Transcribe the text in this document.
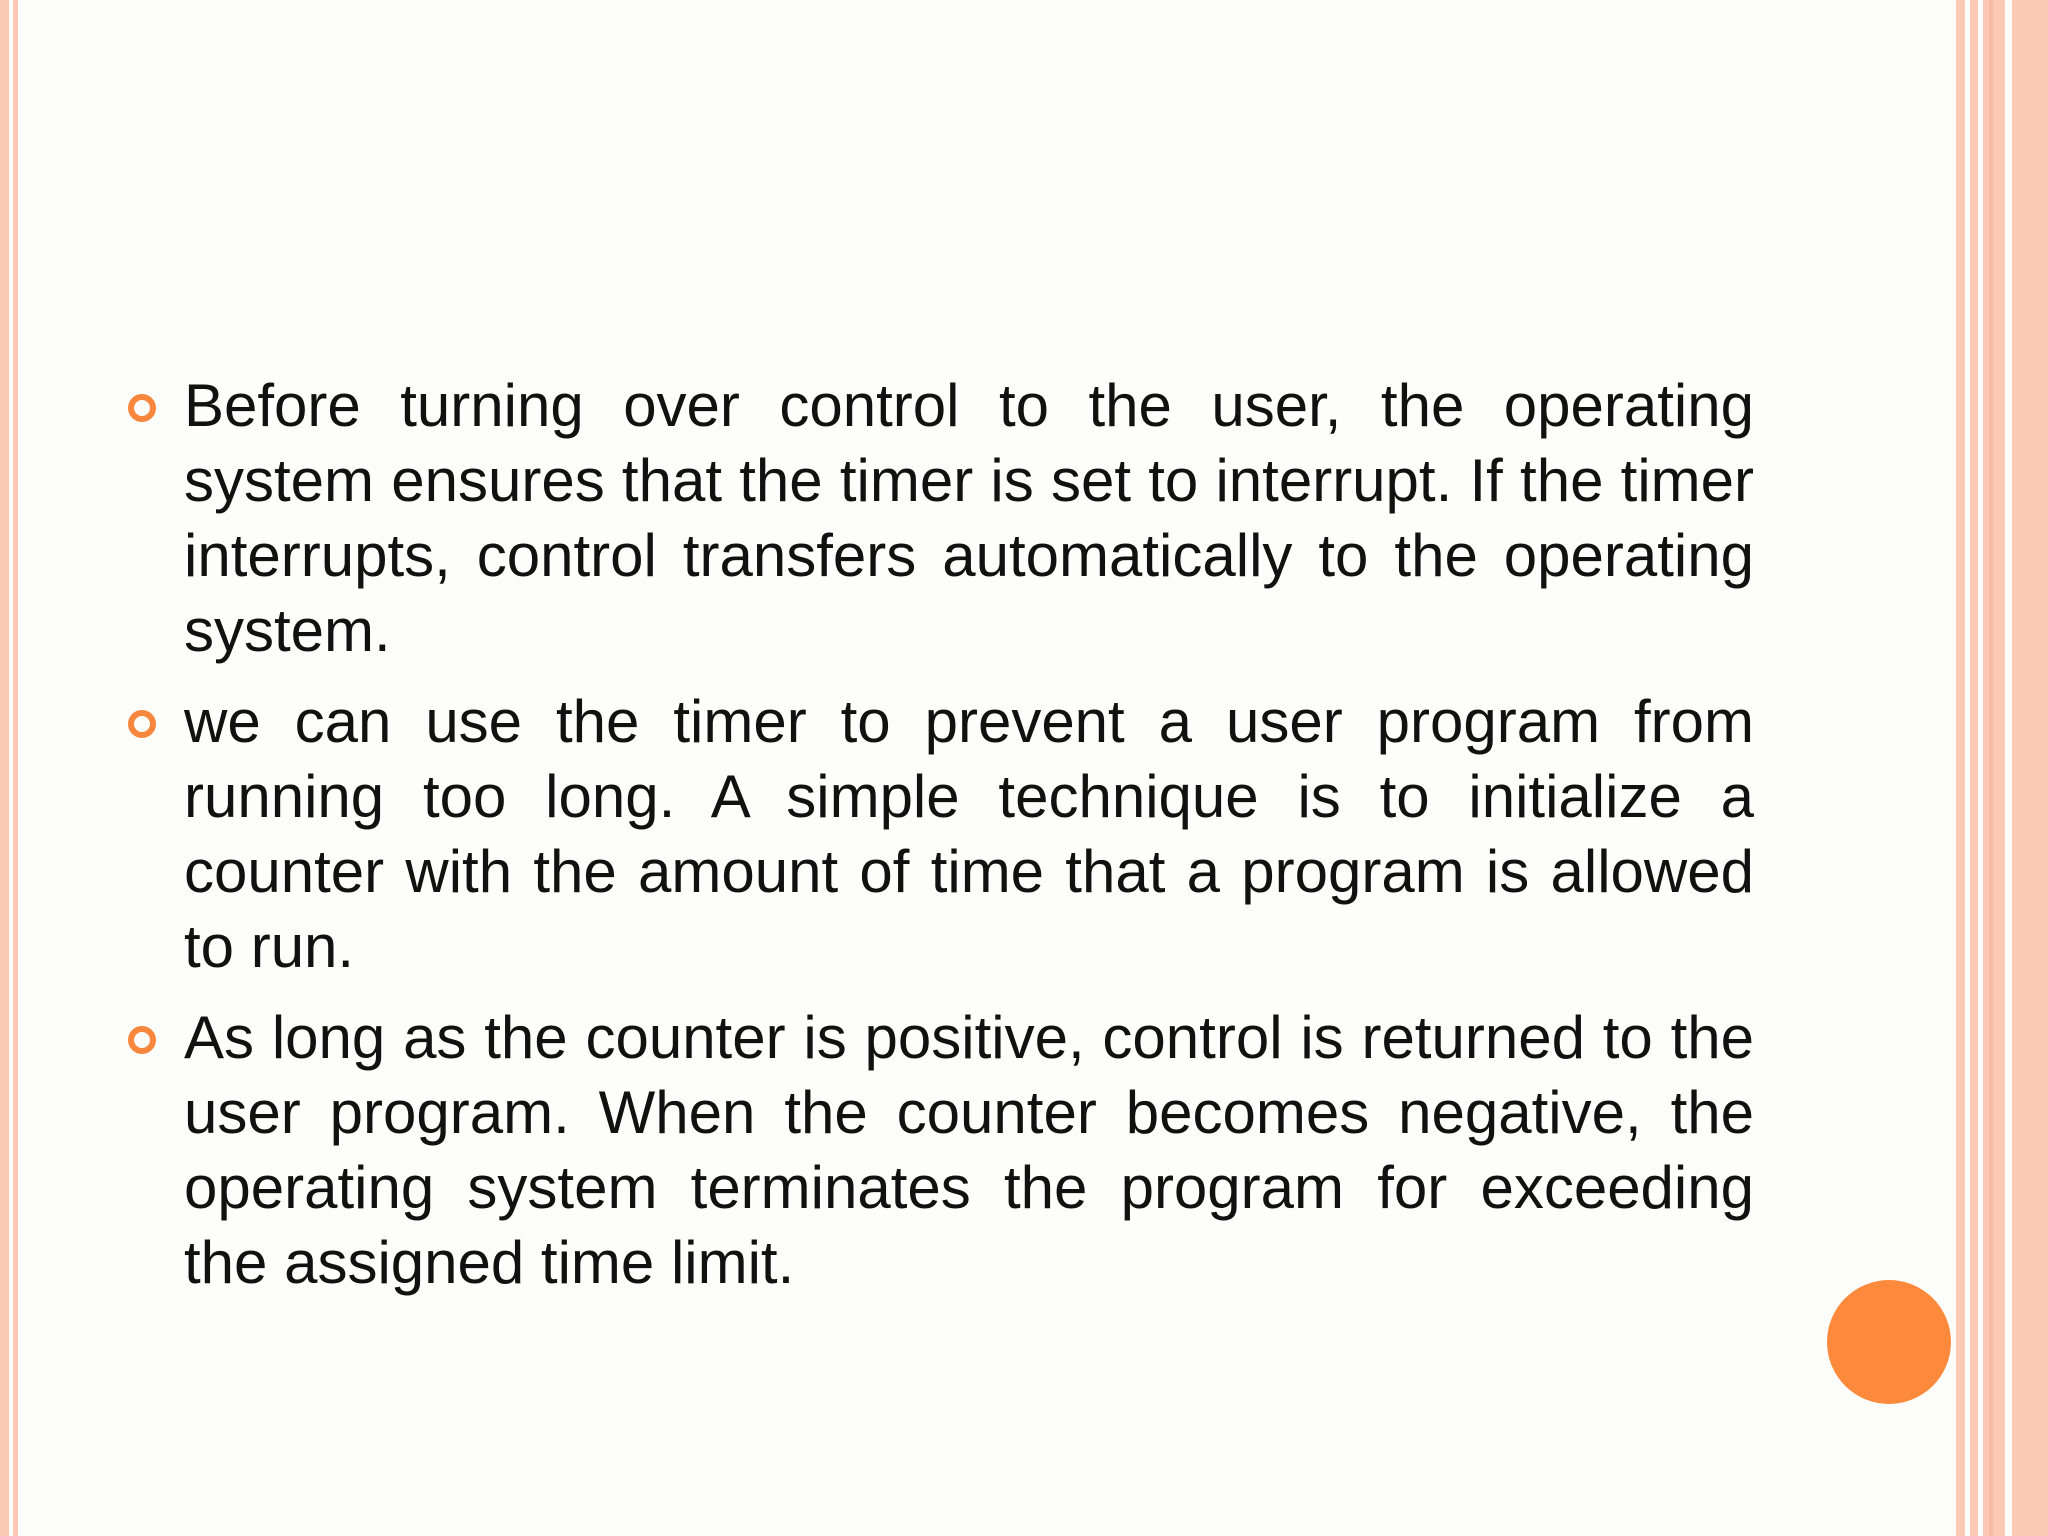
Before turning over control to the user, the operating system ensures that the timer is set to interrupt. If the timer interrupts, control transfers automatically to the operating system.
we can use the timer to prevent a user program from running too long. A simple technique is to initialize a counter with the amount of time that a program is allowed to run.
As long as the counter is positive, control is returned to the user program. When the counter becomes negative, the operating system terminates the program for exceeding the assigned time limit.
